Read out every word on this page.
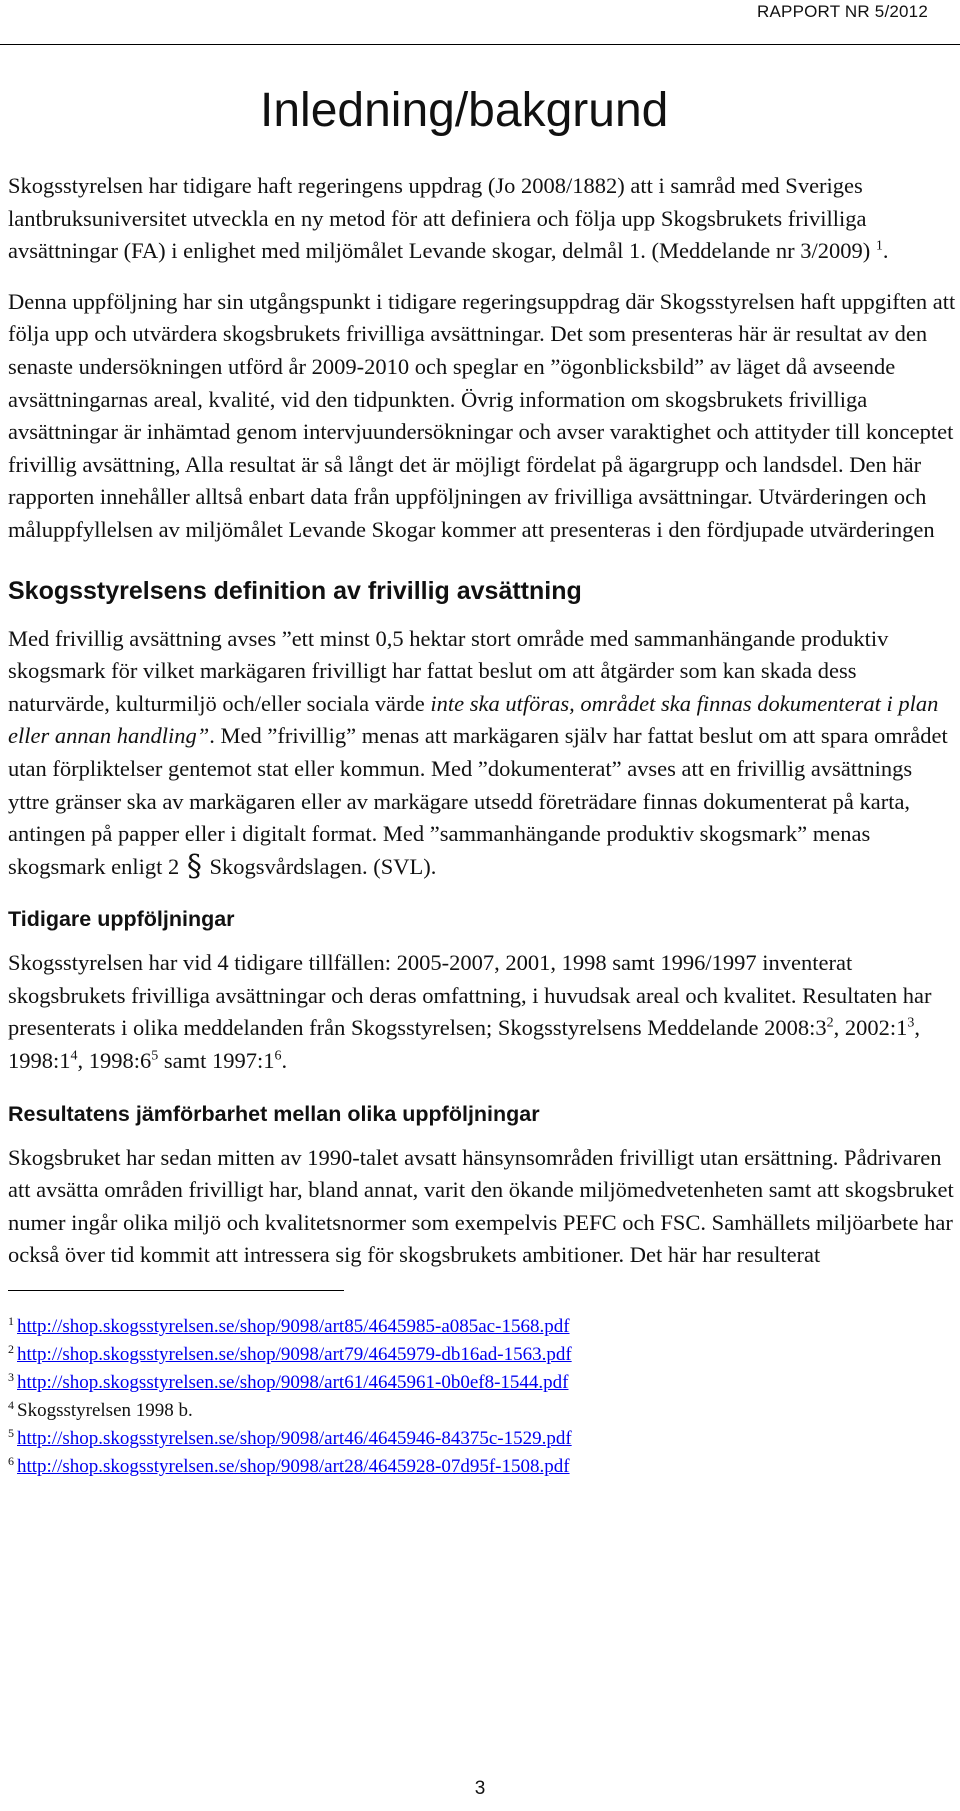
RAPPORT NR 5/2012
Inledning/bakgrund

Skogsstyrelsen har tidigare haft regeringens uppdrag (Jo 2008/1882) att i samråd med Sveriges lantbruksuniversitet utveckla en ny metod för att definiera och följa upp Skogsbrukets frivilliga avsättningar (FA) i enlighet med miljömålet Levande skogar, delmål 1. (Meddelande nr 3/2009) $^1$.

Denna uppföljning har sin utgångspunkt i tidigare regeringsuppdrag där Skogsstyrelsen haft uppgiften att följa upp och utvärdera skogsbrukets frivilliga avsättningar. Det som presenteras här är resultat av den senaste undersökningen utförd år 2009-2010 och speglar en ”ögonblicksbild” av läget då avseende avsättningarnas areal, kvalité, vid den tidpunkten. Övrig information om skogsbrukets frivilliga avsättningar är inhämtad genom intervjuundersökningar och avser varaktighet och attityder till konceptet frivillig avsättning, Alla resultat är så långt det är möjligt fördelat på ägargrupp och landsdel. Den här rapporten innehåller alltså enbart data från uppföljningen av frivilliga avsättningar. Utvärderingen och måluppfyllelsen av miljömålet Levande Skogar kommer att presenteras i den fördjupade utvärderingen

Skogsstyrelsens definition av frivillig avsättning

Med frivillig avsättning avses ”ett minst 0,5 hektar stort område med sammanhängande produktiv skogsmark för vilket markägaren frivilligt har fattat beslut om att åtgärder som kan skada dess naturvärde, kulturmiljö och/eller sociala värde inte ska utföras, området ska finnas dokumenterat i plan eller annan handling”. Med ”frivillig” menas att markägaren själv har fattat beslut om att spara området utan förpliktelser gentemot stat eller kommun. Med ”dokumenterat” avses att en frivillig avsättnings yttre gränser ska av markägaren eller av markägare utsedd företrädare finnas dokumenterat på karta, antingen på papper eller i digitalt format. Med ”sammanhängande produktiv skogsmark” menas skogsmark enligt 2 § Skogsvårdslagen. (SVL).

Tidigare uppföljningar

Skogsstyrelsen har vid 4 tidigare tillfällen: 2005-2007, 2001, 1998 samt 1996/1997 inventerat skogsbrukets frivilliga avsättningar och deras omfattning, i huvudsak areal och kvalitet. Resultaten har presenterats i olika meddelanden från Skogsstyrelsen; Skogsstyrelsens Meddelande $2008:3^2$, $2002:1^3$, $1998:1^4$, $1998:6^5$ samt $1997:1^6$.

Resultatens jämförbarhet mellan olika uppföljningar

Skogsbruket har sedan mitten av 1990-talet avsatt hänsynsområden frivilligt utan ersättning. Pådrivaren att avsätta områden frivilligt har, bland annat, varit den ökande miljömedvetenheten samt att skogsbruket numer ingår olika miljö och kvalitetsnormer som exempelvis PEFC och FSC. Samhällets miljöarbete har också över tid kommit att intressera sig för skogsbrukets ambitioner. Det här har resulterat

$^1$ http://shop.skogsstyrelsen.se/shop/9098/art85/4645985-a085ac-1568.pdf
$^2$ http://shop.skogsstyrelsen.se/shop/9098/art79/4645979-db16ad-1563.pdf
$^3$ http://shop.skogsstyrelsen.se/shop/9098/art61/4645961-0b0ef8-1544.pdf
$^4$ Skogsstyrelsen 1998 b.
$^5$ http://shop.skogsstyrelsen.se/shop/9098/art46/4645946-84375c-1529.pdf
$^6$ http://shop.skogsstyrelsen.se/shop/9098/art28/4645928-07d95f-1508.pdf
3
